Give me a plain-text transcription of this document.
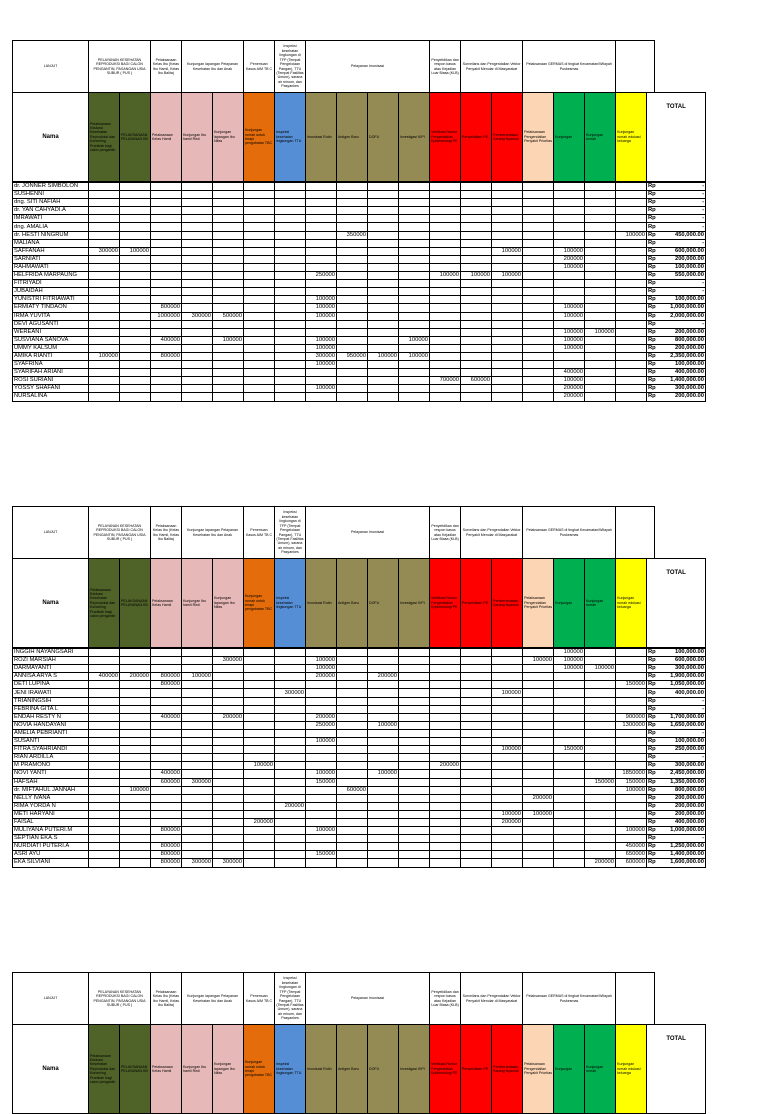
LANJUT	PELAYANAN KESEHATAN REPRODUKSI BAGI CALON PENGANTIN, PASANGAN USIA SUBUR ( PUS )		Pelaksanaan Kelas Ibu (Kelas Ibu Hamil, Kelas Ibu Balita)	Kunjungan lapangan Pelayanan Kesehatan Ibu dan Anak		Penemuan Kasus AIM TB C	Inspeksi kesehatan lingkungan di TFP (Tempat Pengelolaan Pangan), TTU (Tempat Fasilitas Umum), sarana air minum, dan Pasyankes	Pelayanan Imunisasi				Penyelidikan dan respon kasus atau Kejadian Luar Biasa (KLB)	Surveilans dan Pengendalian Vektor Penyakit Menular di Masyarakat		Pelaksanaan GERMAS di tingkat Kecamatan/Wilayah Puskesmas				
Nama	Pelaksanaan Edukasi Kesehatan Reproduksi dan Konseling Pranikah bagi calon pengantin	PELAKSANAAN PELAYANAN KB	Pelaksanaan Kelas Hamil	Kunjungan Ibu hamil Risti	Kunjungan lapangan Ibu Nifas	Kunjungan rumah untuk terapi pengobatan TBC	Inspeksi kesehatan lingkungan TTU	Imunisasi Rutin	Antigen Baru	DOFU	Investigasi KIPI	Verifikasi Rumor Pengendalian Epidemiologi PE	Penyelidikan PE	Pemberantasan Sarang Nyamuk	Pelaksanaan Pengendalian Penyakit Prioritas	Kunjungan	Kunjungan rumah	Kunjungan rumah edukasi keluarga	TOTAL
dr. JONNER SIMBOLON																			Rp	-
SUSHENNI																			Rp	-
dng. SITI NAFIAH																			Rp	-
dr. YAN CAHYADI.A																			Rp	-
IMRAWATI																			Rp	-
dng. AMALIA																			Rp	-
dr. HESTI NINGRUM									350000									100000	Rp	450,000.00
MALIANA																			Rp	-
SAFFANAH	300000	100000												100000		100000			Rp	600,000.00
SARNIATI																200000			Rp	200,000.00
RAHMAWATI																100000			Rp	100,000.00
HELFRIDA MARPAUNG								250000				100000	100000	100000					Rp	550,000.00
FITRIYADI																			Rp	-
JUBAIDAH																			Rp	-
YUNISTRI FITRIAWATI								100000											Rp	100,000.00
ERMIATY TINDAON			800000					100000								100000			Rp	1,000,000.00
IRMA YUVITA			1000000	300000	500000			100000								100000			Rp	2,000,000.00
DEVI AGUSANTI																			Rp	-
WEREANI																100000	100000		Rp	200,000.00
SUSVIANA SANOVA			400000		100000			100000			100000					100000			Rp	800,000.00
UMMY KALSUM								100000								100000			Rp	200,000.00
AMIKA RIANTI	100000		800000					300000	950000	100000	100000								Rp	2,350,000.00
SYAFRINA								100000											Rp	100,000.00
SYARIFAH ARIANI																400000			Rp	400,000.00
ROSI SURIANI												700000	600000			100000			Rp	1,400,000.00
YOSSY SHAFANI								100000								200000			Rp	300,000.00
NURSALINA																200000			Rp	200,000.00
LANJUT	PELAYANAN KESEHATAN REPRODUKSI BAGI CALON PENGANTIN, PASANGAN USIA SUBUR ( PUS )		Pelaksanaan Kelas Ibu (Kelas Ibu Hamil, Kelas Ibu Balita)	Kunjungan lapangan Pelayanan Kesehatan Ibu dan Anak		Penemuan Kasus AIM TB C	Inspeksi kesehatan lingkungan di TFP (Tempat Pengelolaan Pangan), TTU (Tempat Fasilitas Umum), sarana air minum, dan Pasyankes	Pelayanan Imunisasi				Penyelidikan dan respon kasus atau Kejadian Luar Biasa (KLB)	Surveilans dan Pengendalian Vektor Penyakit Menular di Masyarakat		Pelaksanaan GERMAS di tingkat Kecamatan/Wilayah Puskesmas				
Nama	Pelaksanaan Edukasi Kesehatan Reproduksi dan Konseling Pranikah bagi calon pengantin	PELAKSANAAN PELAYANAN KB	Pelaksanaan Kelas Hamil	Kunjungan Ibu hamil Risti	Kunjungan lapangan Ibu Nifas	Kunjungan rumah untuk terapi pengobatan TBC	Inspeksi kesehatan lingkungan TTU	Imunisasi Rutin	Antigen Baru	DOFU	Investigasi KIPI	Verifikasi Rumor Pengendalian Epidemiologi PE	Penyelidikan PE	Pemberantasan Sarang Nyamuk	Pelaksanaan Pengendalian Penyakit Prioritas	Kunjungan	Kunjungan rumah	Kunjungan rumah edukasi keluarga	TOTAL
INGGIH NAYANGSARI																100000			Rp	100,000.00
ROZI MARSIAH					300000			100000							100000	100000			Rp	600,000.00
DARMAYANTI								100000								100000	100000		Rp	300,000.00
ANNISA ARYA S	400000	200000	800000	100000				200000		200000									Rp	1,900,000.00
DETI LUPINA			800000															150000	Rp	1,050,000.00
JENI IRAWATI							300000							100000					Rp	400,000.00
TRIANINGSIH																			Rp	-
FEBRINA GITA L																			Rp	-
ENDAH RESTY N			400000		200000			200000										900000	Rp	1,700,000.00
NOVIA HANDAYANI								250000		100000								1300000	Rp	1,650,000.00
AMELIA PEBRIANTI																			Rp	-
SUSANTI								100000											Rp	100,000.00
FITRA SYAHRIANDI														100000		150000			Rp	250,000.00
RIAN ARDILLA																			Rp	-
M PRAMONO						100000						200000							Rp	300,000.00
NOVI YANTI			400000					100000		100000								1850000	Rp	2,450,000.00
HAFSAH			600000	300000				150000									150000	150000	Rp	1,350,000.00
dr. MIFTAHUL JANNAH		100000							600000									100000	Rp	800,000.00
NELLY IVANA															200000				Rp	200,000.00
RIMA YORDA N							200000												Rp	200,000.00
METI HARYANI														100000	100000				Rp	200,000.00
FAISAL						200000								200000					Rp	400,000.00
MULIYANA PUTERI.M			800000					100000										100000	Rp	1,000,000.00
SEPTIAN EKA.S																			Rp	-
NURDIATI PUTERI.A			800000															450000	Rp	1,250,000.00
ASRI AYU			800000					150000										650000	Rp	1,400,000.00
EKA SILVIANI			800000	300000	300000												200000	600000	Rp	1,600,000.00
LANJUT	PELAYANAN KESEHATAN REPRODUKSI BAGI CALON PENGANTIN, PASANGAN USIA SUBUR ( PUS )		Pelaksanaan Kelas Ibu (Kelas Ibu Hamil, Kelas Ibu Balita)	Kunjungan lapangan Pelayanan Kesehatan Ibu dan Anak		Penemuan Kasus AIM TB C	Inspeksi kesehatan lingkungan di TFP (Tempat Pengelolaan Pangan), TTU (Tempat Fasilitas Umum), sarana air minum, dan Pasyankes	Pelayanan Imunisasi				Penyelidikan dan respon kasus atau Kejadian Luar Biasa (KLB)	Surveilans dan Pengendalian Vektor Penyakit Menular di Masyarakat		Pelaksanaan GERMAS di tingkat Kecamatan/Wilayah Puskesmas				
Nama	Pelaksanaan Edukasi Kesehatan Reproduksi dan Konseling Pranikah bagi calon pengantin	PELAKSANAAN PELAYANAN KB	Pelaksanaan Kelas Hamil	Kunjungan Ibu hamil Risti	Kunjungan lapangan Ibu Nifas	Kunjungan rumah untuk terapi pengobatan TBC	Inspeksi kesehatan lingkungan TTU	Imunisasi Rutin	Antigen Baru	DOFU	Investigasi KIPI	Verifikasi Rumor Pengendalian Epidemiologi PE	Penyelidikan PE	Pemberantasan Sarang Nyamuk	Pelaksanaan Pengendalian Penyakit Prioritas	Kunjungan	Kunjungan rumah	Kunjungan rumah edukasi keluarga	TOTAL
